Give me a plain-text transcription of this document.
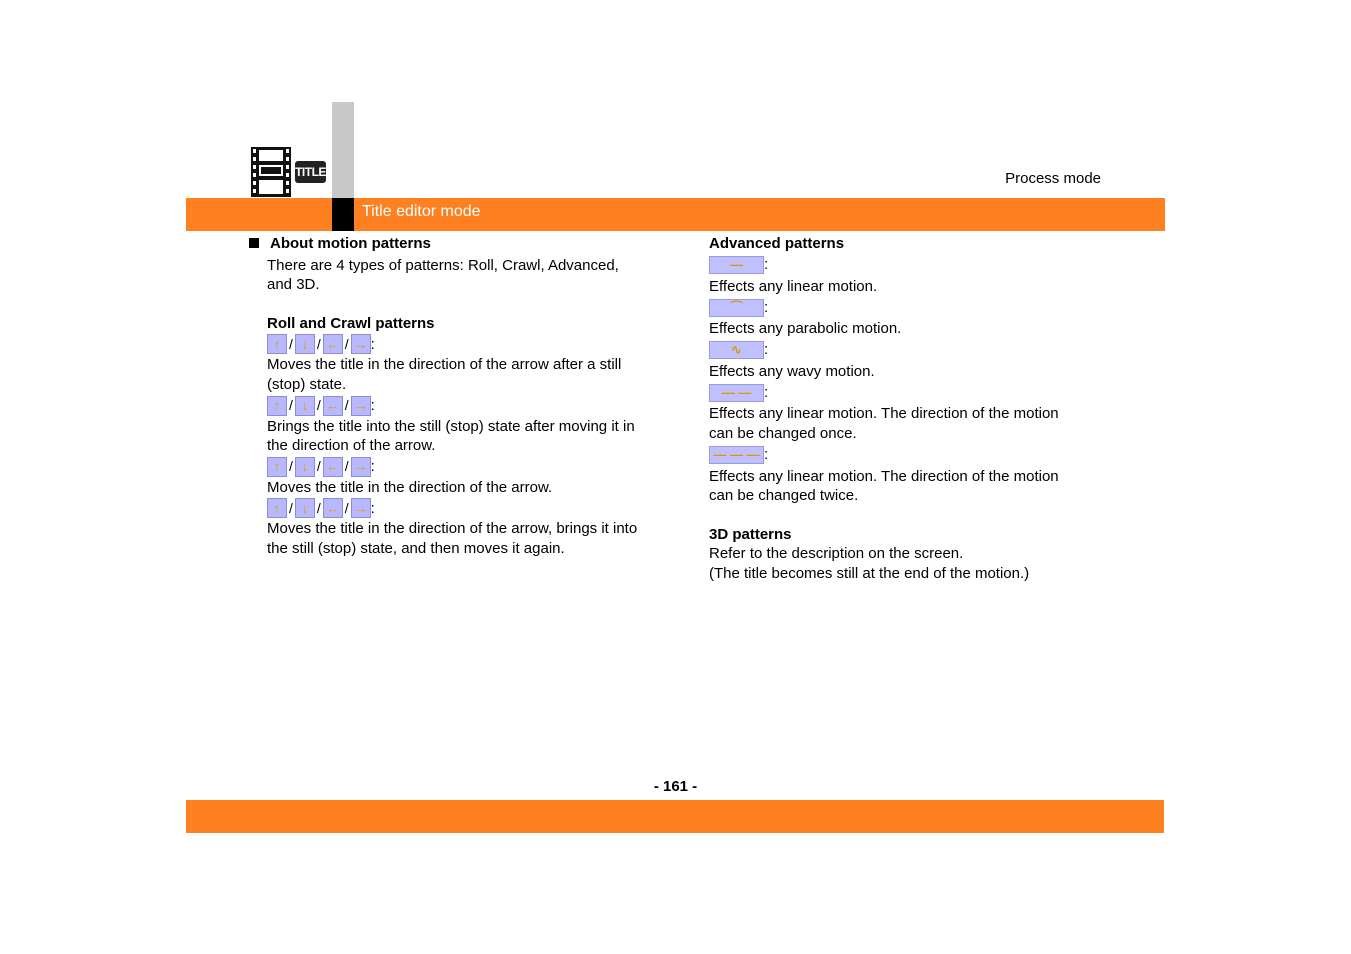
TITLE	Process mode
Title editor mode

About motion patterns

There are 4 types of patterns: Roll, Crawl, Advanced,

and 3D.

Roll and Crawl patterns

↑ / ↓ / ← / → :

Moves the title in the direction of the arrow after a still

(stop) state.

↑ / ↓ / ← / → :

Brings the title into the still (stop) state after moving it in

the direction of the arrow.

↑ / ↓ / ← / → :

Moves the title in the direction of the arrow.

↑ / ↓ / ← / → :

Moves the title in the direction of the arrow, brings it into

the still (stop) state, and then moves it again.

Advanced patterns

—	:

Effects any linear motion.

⌒	:

Effects any parabolic motion.

∿	:

Effects any wavy motion.

— — :

Effects any linear motion. The direction of the motion

can be changed once.

— — — :

Effects any linear motion. The direction of the motion

can be changed twice.

3D patterns

Refer to the description on the screen.

(The title becomes still at the end of the motion.)

- 161 -
